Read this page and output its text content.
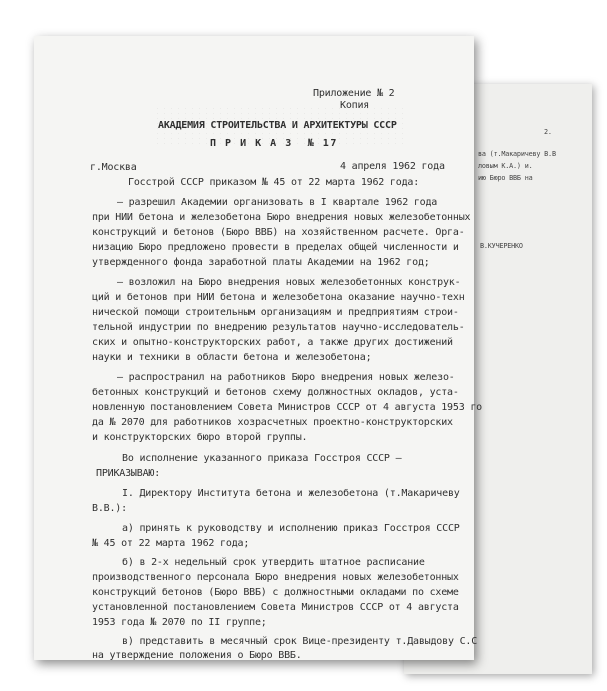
2.
ва (т.Макаричеву В.В
ловым К.А.) и.
ию Бюро ВВБ на
В.КУЧЕРЕНКО
Приложение № 2
Копия
АКАДЕМИЯ СТРОИТЕЛЬСТВА И АРХИТЕКТУРЫ СССР
П Р И К А З  № 17
г.Москва	4 апреля 1962 года
Госстрой СССР приказом № 45 от 22 марта 1962 года:
– разрешил Академии организовать в I квартале 1962 года
при НИИ бетона и железобетона Бюро внедрения новых железобетонных
конструкций и бетонов (Бюро ВВБ) на хозяйственном расчете. Орга-
низацию Бюро предложено провести в пределах общей численности и
утвержденного фонда заработной платы Академии на 1962 год;
– возложил на Бюро внедрения новых железобетонных конструк-
ций и бетонов при НИИ бетона и железобетона оказание научно-техн
нической помощи строительным организациям и предприятиям строи-
тельной индустрии по внедрению результатов научно-исследователь-
ских и опытно-конструкторских работ, а также других достижений
науки и техники в области бетона и железобетона;
– распространил на работников Бюро внедрения новых железо-
бетонных конструкций и бетонов схему должностных окладов, уста-
новленную постановлением Совета Министров СССР от 4 августа 1953 го
да № 2070 для работников хозрасчетных проектно-конструкторских
и конструкторских бюро второй группы.
Во исполнение указанного приказа Госстроя СССР –
ПРИКАЗЫВАЮ:
I. Директору Института бетона и железобетона (т.Макаричеву
В.В.):
а) принять к руководству и исполнению приказ Госстроя СССР
№ 45 от 22 марта 1962 года;
б) в 2-х недельный срок утвердить штатное расписание
производственного персонала Бюро внедрения новых железобетонных
конструкций бетонов (Бюро ВВБ) с должностными окладами по схеме
установленной постановлением Совета Министров СССР от 4 августа
1953 года № 2070 по II группе;
в) представить в месячный срок Вице-президенту т.Давыдову С.С
на утверждение положения о Бюро ВВБ.
